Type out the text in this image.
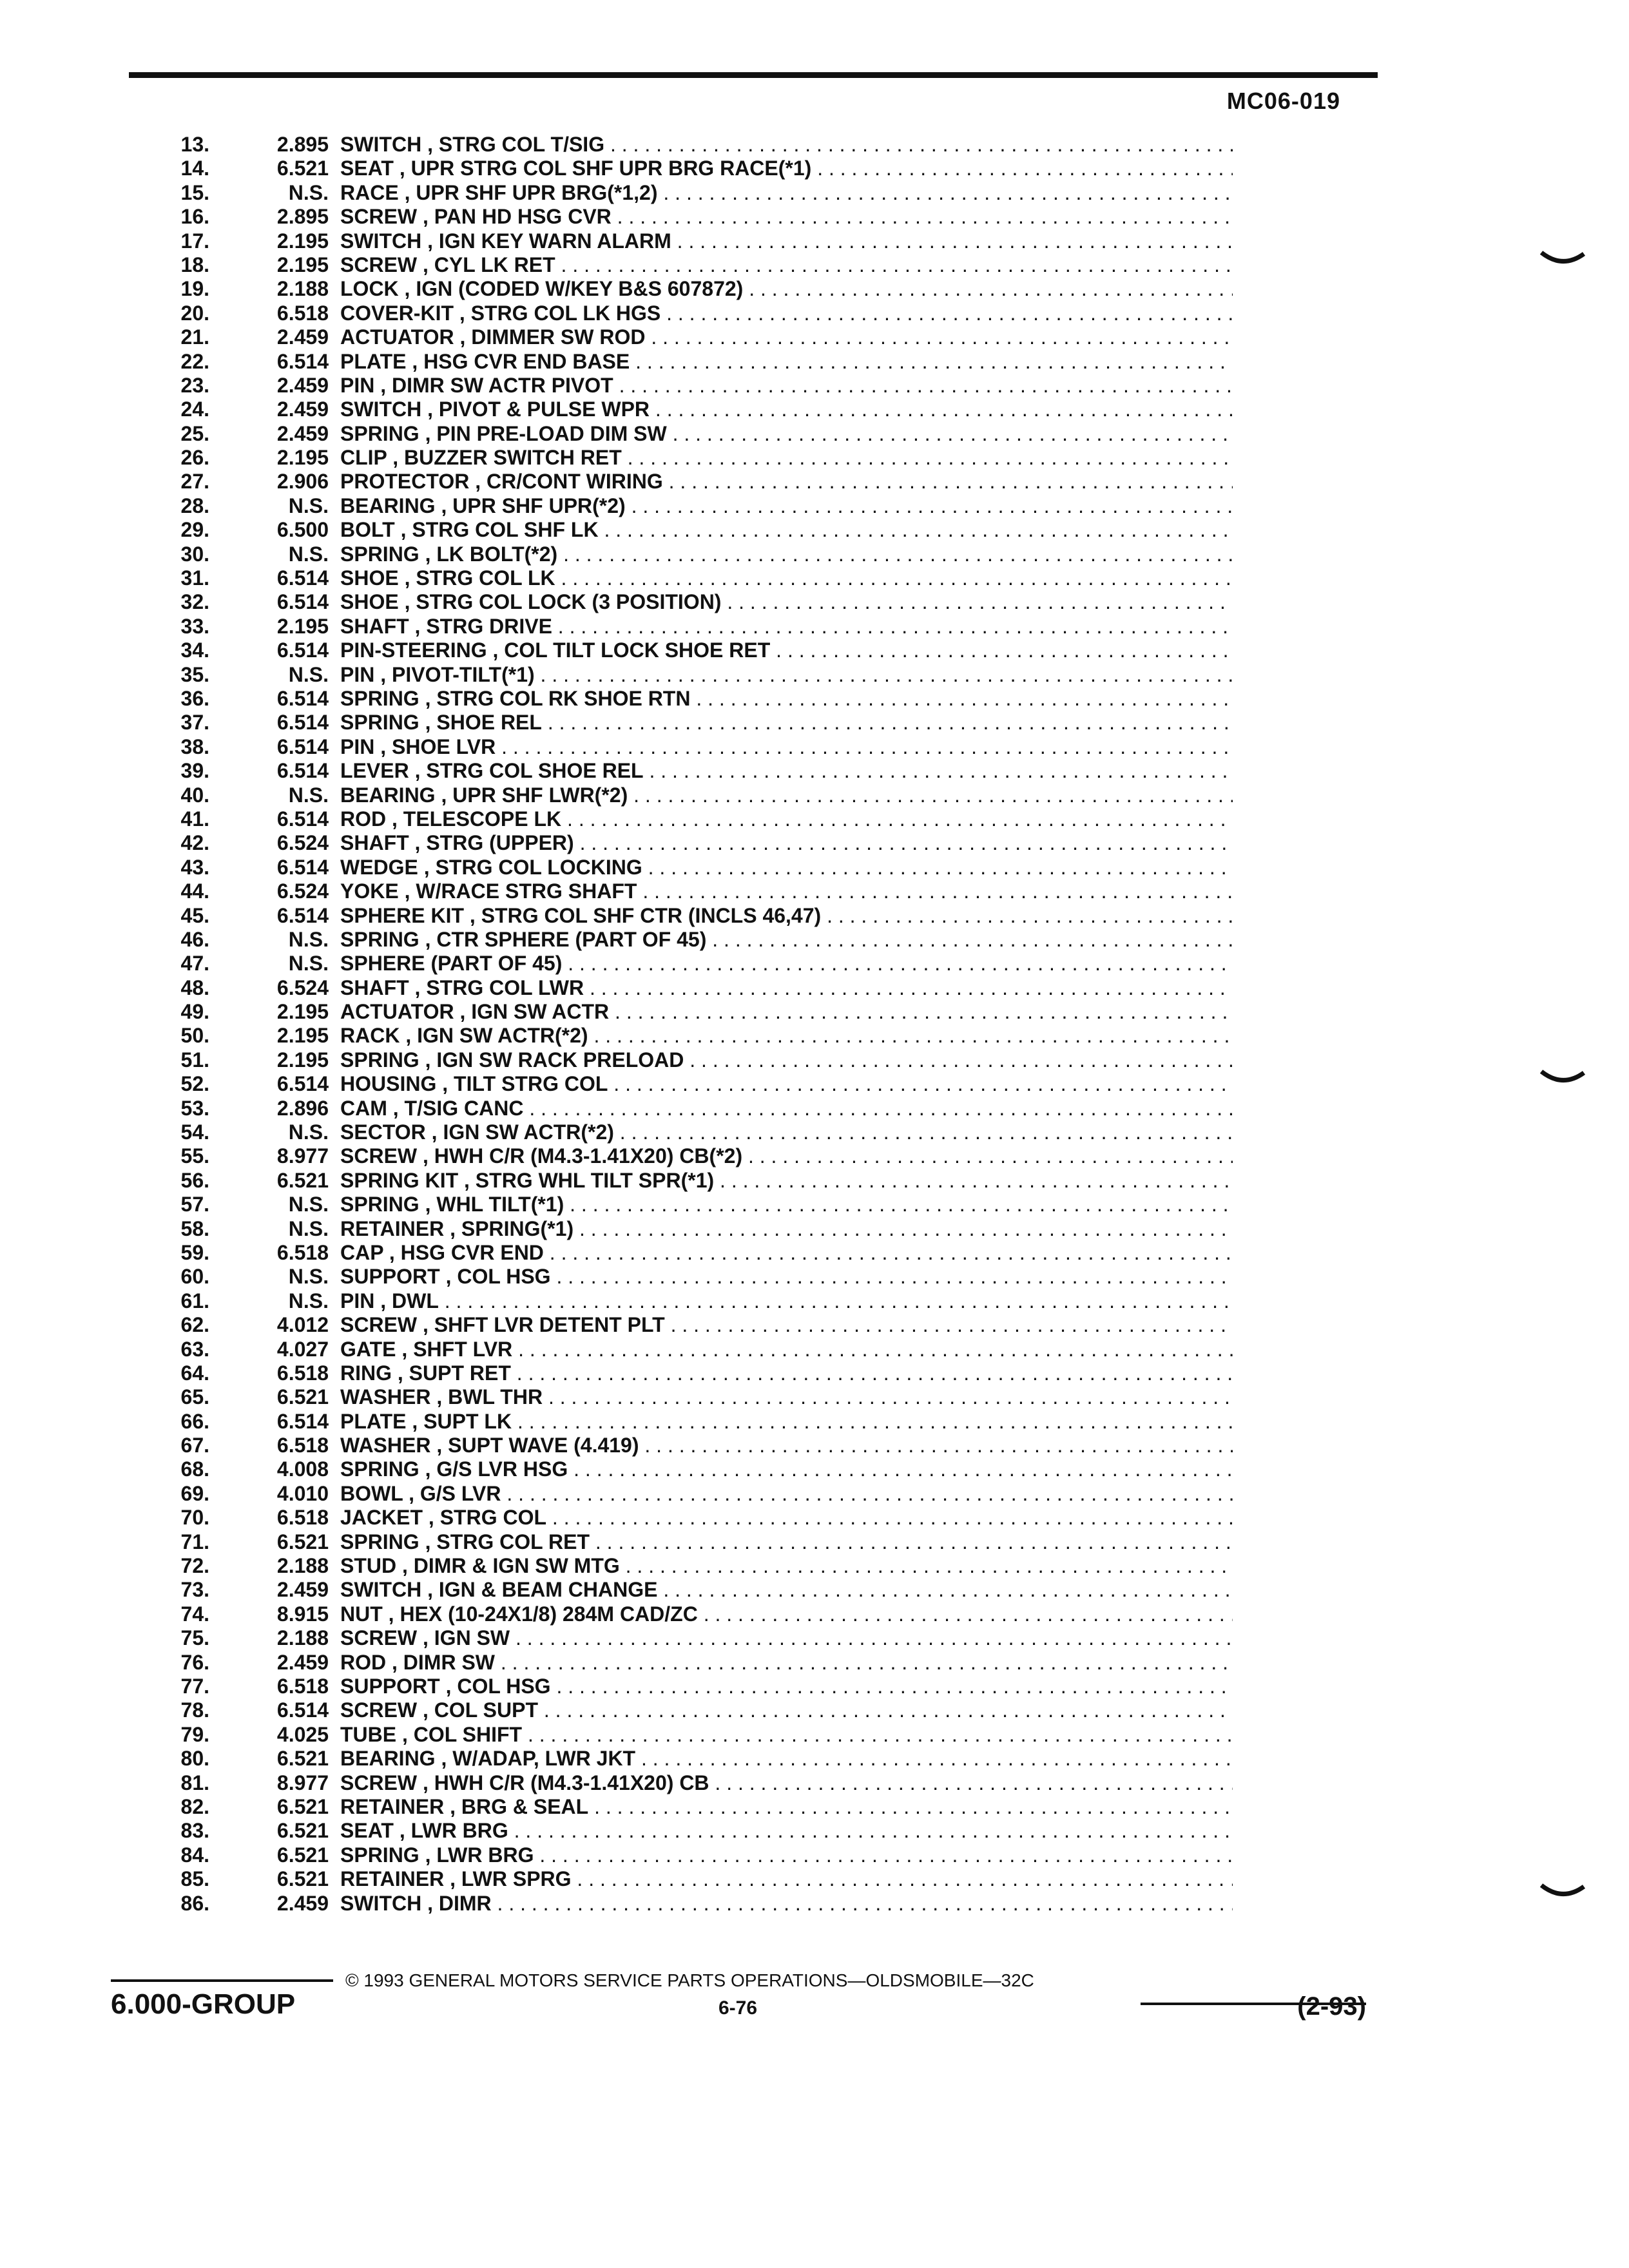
MC06-019
13.	2.895 SWITCH , STRG COL T/SIG . . .
14.	6.521 SEAT , UPR STRG COL SHF UPR BRG RACE(*1) . . .
15.	N.S. RACE , UPR SHF UPR BRG(*1,2) . . .
16.	2.895 SCREW , PAN HD HSG CVR . . .
17.	2.195 SWITCH , IGN KEY WARN ALARM . . .
18.	2.195 SCREW , CYL LK RET . . .
19.	2.188 LOCK , IGN (CODED W/KEY B&S 607872) . . .
20.	6.518 COVER-KIT , STRG COL LK HGS . . .
21.	2.459 ACTUATOR , DIMMER SW ROD . . .
22.	6.514 PLATE , HSG CVR END BASE . . .
23.	2.459 PIN , DIMR SW ACTR PIVOT . . .
24.	2.459 SWITCH , PIVOT & PULSE WPR . . .
25.	2.459 SPRING , PIN PRE-LOAD DIM SW . . .
26.	2.195 CLIP , BUZZER SWITCH RET . . .
27.	2.906 PROTECTOR , CR/CONT WIRING . . .
28.	N.S. BEARING , UPR SHF UPR(*2) . . .
29.	6.500 BOLT , STRG COL SHF LK . . .
30.	N.S. SPRING , LK BOLT(*2) . . .
31.	6.514 SHOE , STRG COL LK . . .
32.	6.514 SHOE , STRG COL LOCK (3 POSITION) . . .
33.	2.195 SHAFT , STRG DRIVE . . .
34.	6.514 PIN-STEERING , COL TILT LOCK SHOE RET . . .
35.	N.S. PIN , PIVOT-TILT(*1) . . .
36.	6.514 SPRING , STRG COL RK SHOE RTN . . .
37.	6.514 SPRING , SHOE REL . . .
38.	6.514 PIN , SHOE LVR . . .
39.	6.514 LEVER , STRG COL SHOE REL . . .
40.	N.S. BEARING , UPR SHF LWR(*2) . . .
41.	6.514 ROD , TELESCOPE LK . . .
42.	6.524 SHAFT , STRG (UPPER) . . .
43.	6.514 WEDGE , STRG COL LOCKING . . .
44.	6.524 YOKE , W/RACE STRG SHAFT . . .
45.	6.514 SPHERE KIT , STRG COL SHF CTR (INCLS 46,47) . . .
46.	N.S. SPRING , CTR SPHERE (PART OF 45) . . .
47.	N.S. SPHERE (PART OF 45) . . .
48.	6.524 SHAFT , STRG COL LWR . . .
49.	2.195 ACTUATOR , IGN SW ACTR . . .
50.	2.195 RACK , IGN SW ACTR(*2) . . .
51.	2.195 SPRING , IGN SW RACK PRELOAD . . .
52.	6.514 HOUSING , TILT STRG COL . . .
53.	2.896 CAM , T/SIG CANC . . .
54.	N.S. SECTOR , IGN SW ACTR(*2) . . .
55.	8.977 SCREW , HWH C/R (M4.3-1.41X20) CB(*2) . . .
56.	6.521 SPRING KIT , STRG WHL TILT SPR(*1) . . .
57.	N.S. SPRING , WHL TILT(*1) . . .
58.	N.S. RETAINER , SPRING(*1) . . .
59.	6.518 CAP , HSG CVR END . . .
60.	N.S. SUPPORT , COL HSG . . .
61.	N.S. PIN , DWL . . .
62.	4.012 SCREW , SHFT LVR DETENT PLT . . .
63.	4.027 GATE , SHFT LVR . . .
64.	6.518 RING , SUPT RET . . .
65.	6.521 WASHER , BWL THR . . .
66.	6.514 PLATE , SUPT LK . . .
67.	6.518 WASHER , SUPT WAVE (4.419) . . .
68.	4.008 SPRING , G/S LVR HSG . . .
69.	4.010 BOWL , G/S LVR . . .
70.	6.518 JACKET , STRG COL . . .
71.	6.521 SPRING , STRG COL RET . . .
72.	2.188 STUD , DIMR & IGN SW MTG . . .
73.	2.459 SWITCH , IGN & BEAM CHANGE . . .
74.	8.915 NUT , HEX (10-24X1/8) 284M CAD/ZC . . .
75.	2.188 SCREW , IGN SW . . .
76.	2.459 ROD , DIMR SW . . .
77.	6.518 SUPPORT , COL HSG . . .
78.	6.514 SCREW , COL SUPT . . .
79.	4.025 TUBE , COL SHIFT . . .
80.	6.521 BEARING , W/ADAP, LWR JKT . . .
81.	8.977 SCREW , HWH C/R (M4.3-1.41X20) CB . . .
82.	6.521 RETAINER , BRG & SEAL . . .
83.	6.521 SEAT , LWR BRG . . .
84.	6.521 SPRING , LWR BRG . . .
85.	6.521 RETAINER , LWR SPRG . . .
86.	2.459 SWITCH , DIMR . . .
© 1993 GENERAL MOTORS SERVICE PARTS OPERATIONS—OLDSMOBILE—32C
6.000-GROUP	6-76	(2-93)
